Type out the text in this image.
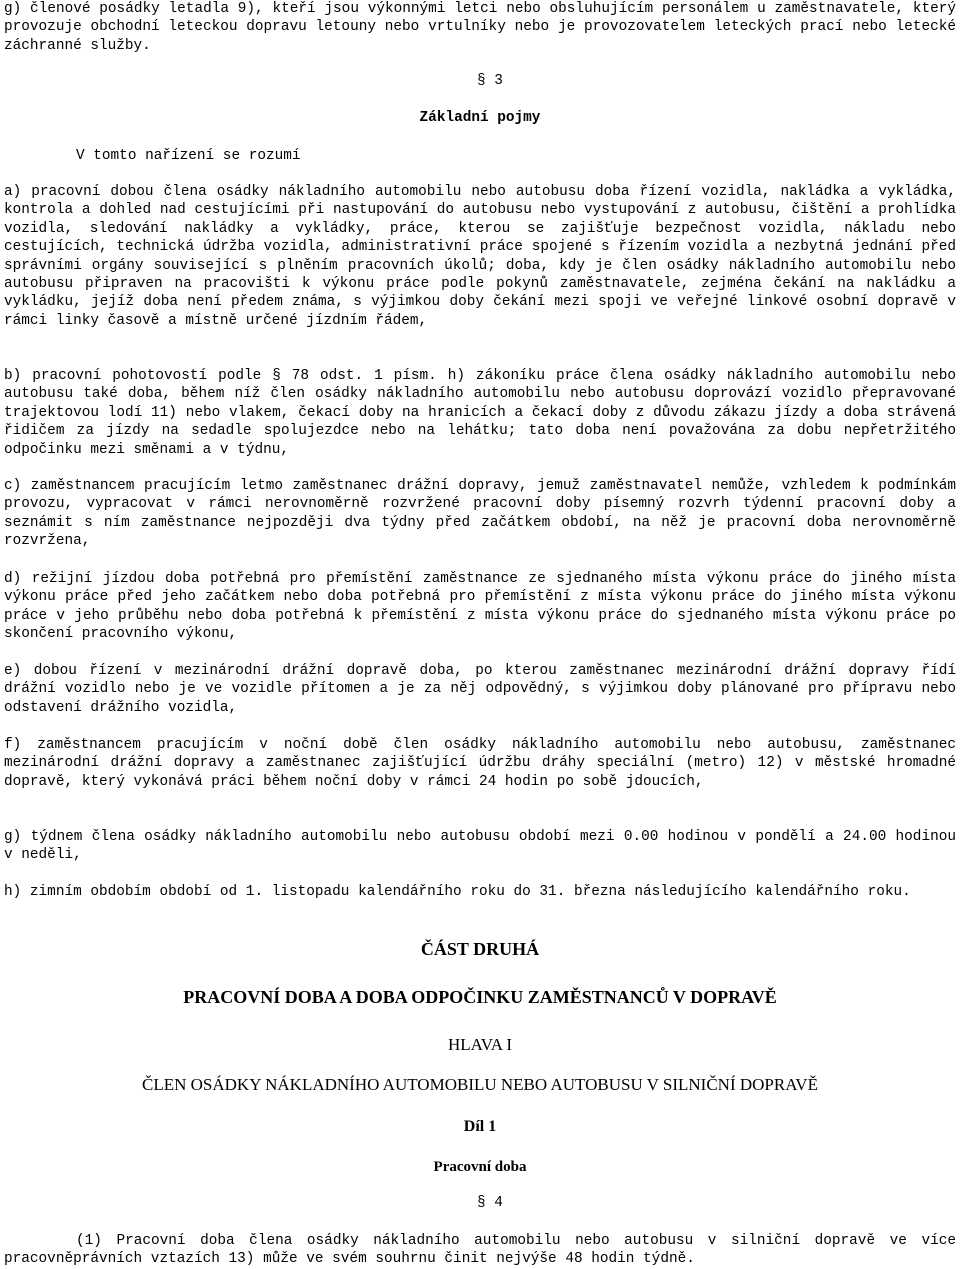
g) členové posádky letadla 9), kteří jsou výkonnými letci nebo obsluhujícím personálem u zaměstnavatele, který provozuje obchodní leteckou dopravu letouny nebo vrtulníky nebo je provozovatelem leteckých prací nebo letecké záchranné služby.

§ 3

Základní pojmy

V tomto nařízení se rozumí

a) pracovní dobou člena osádky nákladního automobilu nebo autobusu doba řízení vozidla, nakládka a vykládka, kontrola a dohled nad cestujícími při nastupování do autobusu nebo vystupování z autobusu, čištění a prohlídka vozidla, sledování nakládky a vykládky, práce, kterou se zajišťuje bezpečnost vozidla, nákladu nebo cestujících, technická údržba vozidla, administrativní práce spojené s řízením vozidla a nezbytná jednání před správními orgány související s plněním pracovních úkolů; doba, kdy je člen osádky nákladního automobilu nebo autobusu připraven na pracovišti k výkonu práce podle pokynů zaměstnavatele, zejména čekání na nakládku a vykládku, jejíž doba není předem známa, s výjimkou doby čekání mezi spoji ve veřejné linkové osobní dopravě v rámci linky časově a místně určené jízdním řádem,

b) pracovní pohotovostí podle § 78 odst. 1 písm. h) zákoníku práce člena osádky nákladního automobilu nebo autobusu také doba, během níž člen osádky nákladního automobilu nebo autobusu doprovází vozidlo přepravované trajektovou lodí 11) nebo vlakem, čekací doby na hranicích a čekací doby z důvodu zákazu jízdy a doba strávená řidičem za jízdy na sedadle spolujezdce nebo na lehátku; tato doba není považována za dobu nepřetržitého odpočinku mezi směnami a v týdnu,

c) zaměstnancem pracujícím letmo zaměstnanec drážní dopravy, jemuž zaměstnavatel nemůže, vzhledem k podmínkám provozu, vypracovat v rámci nerovnoměrně rozvržené pracovní doby písemný rozvrh týdenní pracovní doby a seznámit s ním zaměstnance nejpozději dva týdny před začátkem období, na něž je pracovní doba nerovnoměrně rozvržena,

d) režijní jízdou doba potřebná pro přemístění zaměstnance ze sjednaného místa výkonu práce do jiného místa výkonu práce před jeho začátkem nebo doba potřebná pro přemístění z místa výkonu práce do jiného místa výkonu práce v jeho průběhu nebo doba potřebná k přemístění z místa výkonu práce do sjednaného místa výkonu práce po skončení pracovního výkonu,

e) dobou řízení v mezinárodní drážní dopravě doba, po kterou zaměstnanec mezinárodní drážní dopravy řídí drážní vozidlo nebo je ve vozidle přítomen a je za něj odpovědný, s výjimkou doby plánované pro přípravu nebo odstavení drážního vozidla,

f) zaměstnancem pracujícím v noční době člen osádky nákladního automobilu nebo autobusu, zaměstnanec mezinárodní drážní dopravy a zaměstnanec zajišťující údržbu dráhy speciální (metro) 12) v městské hromadné dopravě, který vykonává práci během noční doby v rámci 24 hodin po sobě jdoucích,

g) týdnem člena osádky nákladního automobilu nebo autobusu období mezi 0.00 hodinou v pondělí a 24.00 hodinou v neděli,

h) zimním obdobím období od 1. listopadu kalendářního roku do 31. března následujícího kalendářního roku.

ČÁST DRUHÁ

PRACOVNÍ DOBA A DOBA ODPOČINKU ZAMĚSTNANCŮ V DOPRAVĚ

HLAVA I

ČLEN OSÁDKY NÁKLADNÍHO AUTOMOBILU NEBO AUTOBUSU V SILNIČNÍ DOPRAVĚ

Díl 1

Pracovní doba

§ 4

(1) Pracovní doba člena osádky nákladního automobilu nebo autobusu v silniční dopravě ve více pracovněprávních vztazích 13) může ve svém souhrnu činit nejvýše 48 hodin týdně.
